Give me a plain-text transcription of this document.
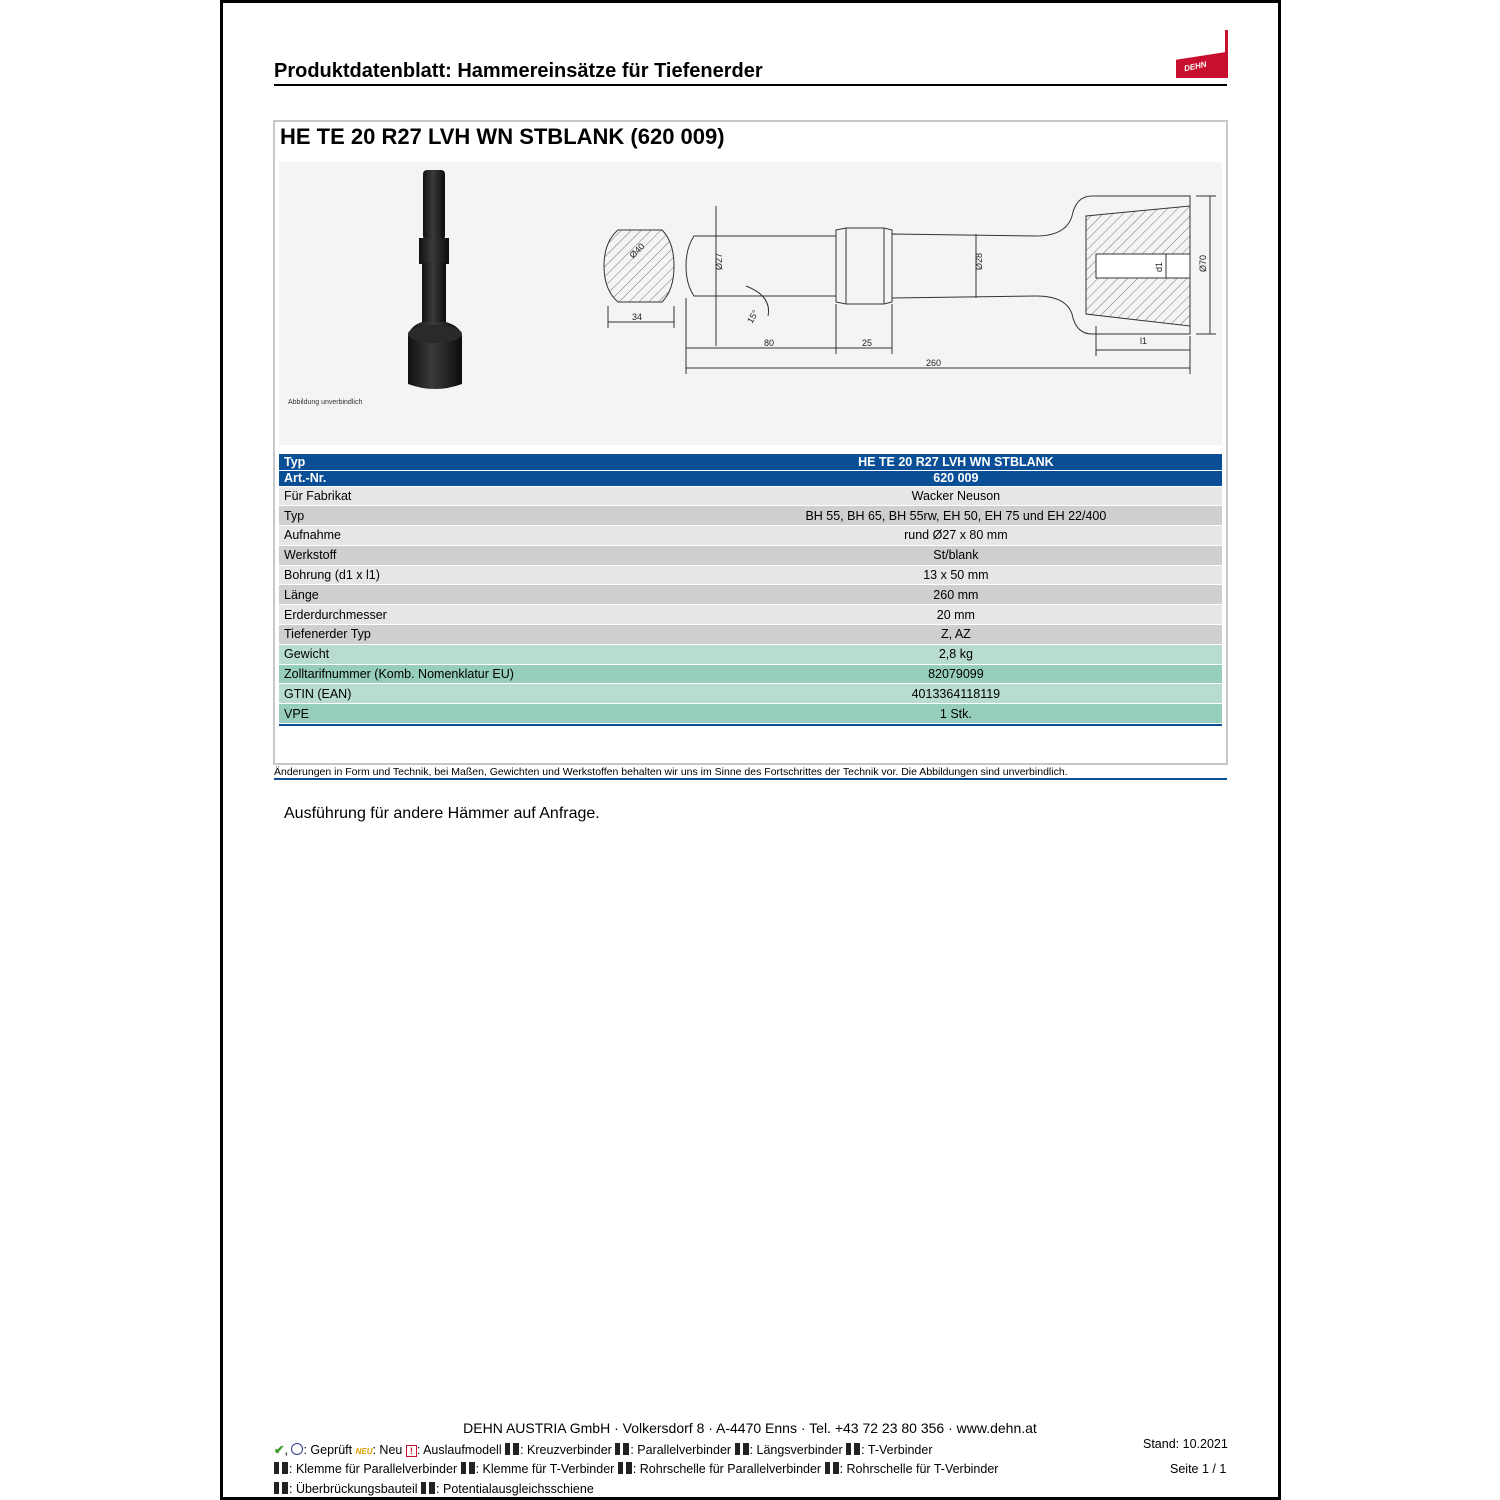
Produktdatenblatt: Hammereinsätze für Tiefenerder	DEHN
HE TE 20 R27 LVH WN STBLANK (620 009)
Abbildung unverbindlich
Ø40
34
Ø27
15°
Ø28	d1	Ø70
80	25	l1
260
Typ	HE TE 20 R27 LVH WN STBLANK
Art.-Nr.	620 009
Für Fabrikat	Wacker Neuson
Typ	BH 55, BH 65, BH 55rw, EH 50, EH 75 und EH 22/400
Aufnahme	rund Ø27 x 80 mm
Werkstoff	St/blank
Bohrung (d1 x l1)	13 x 50 mm
Länge	260 mm
Erderdurchmesser	20 mm
Tiefenerder Typ	Z, AZ
Gewicht	2,8 kg
Zolltarifnummer (Komb. Nomenklatur EU)	82079099
GTIN (EAN)	4013364118119
VPE	1 Stk.
Änderungen in Form und Technik, bei Maßen, Gewichten und Werkstoffen behalten wir uns im Sinne des Fortschrittes der Technik vor. Die Abbildungen sind unverbindlich.
Ausführung für andere Hämmer auf Anfrage.
DEHN AUSTRIA GmbH · Volkersdorf 8 · A-4470 Enns · Tel. +43 72 23 80 356 · www.dehn.at
✔, : Geprüft NEU: Neu ! : Auslaufmodell : Kreuzverbinder : Parallelverbinder : Längsverbinder : T-Verbinder
: Klemme für Parallelverbinder : Klemme für T-Verbinder : Rohrschelle für Parallelverbinder : Rohrschelle für T-Verbinder
: Überbrückungsbauteil : Potentialausgleichsschiene
Stand: 10.2021
Seite 1 / 1
